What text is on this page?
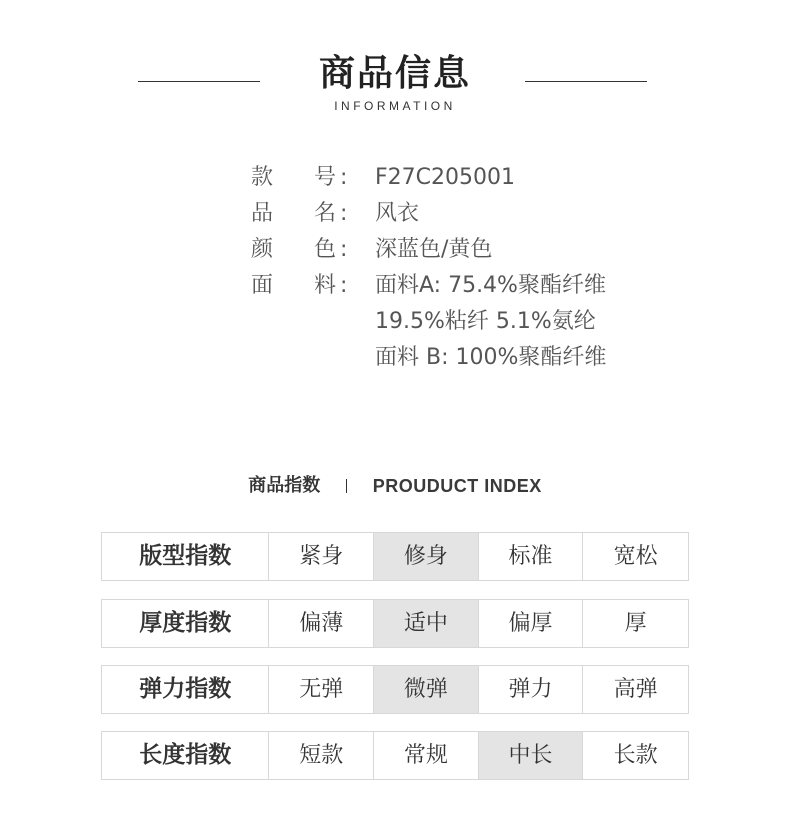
商品信息
INFORMATION
款 号 : F27C205001
品 名 : 风衣
颜 色 : 深蓝色/黄色
面 料 : 面料A: 75.4%聚酯纤维
19.5%粘纤 5.1%氨纶
面料 B: 100%聚酯纤维
商品指数	PROUDUCT INDEX
版型指数	紧身	修身	标准	宽松
厚度指数	偏薄	适中	偏厚	厚
弹力指数	无弹	微弹	弹力	高弹
长度指数	短款	常规	中长	长款
